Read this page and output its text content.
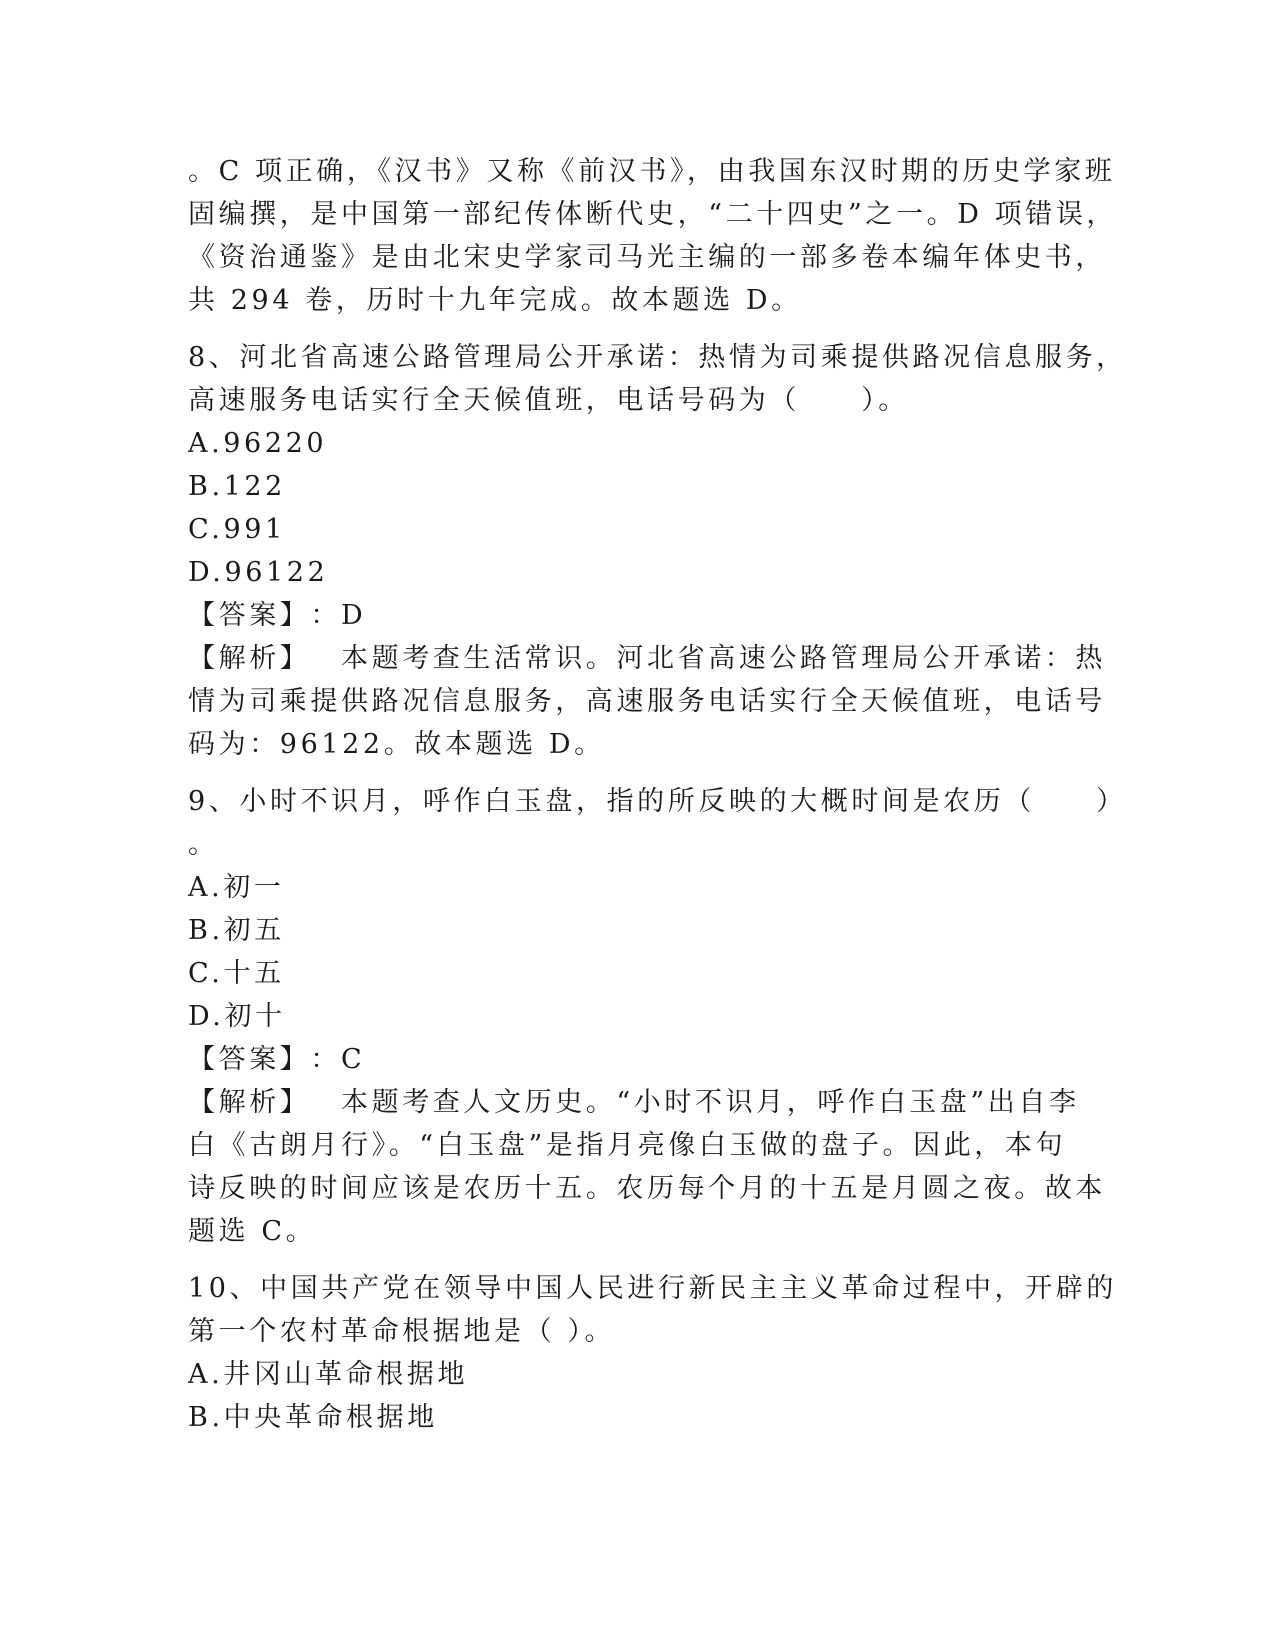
。C 项正确，《汉书》又称《前汉书》，由我国东汉时期的历史学家班
固编撰，是中国第一部纪传体断代史，“二十四史”之一。D 项错误，
《资治通鉴》是由北宋史学家司马光主编的一部多卷本编年体史书，
共 294 卷，历时十九年完成。故本题选 D。
8、河北省高速公路管理局公开承诺：热情为司乘提供路况信息服务，
高速服务电话实行全天候值班，电话号码为（　　）。
A.96220
B.122
C.991
D.96122
【答案】：D
【解析】　本题考查生活常识。河北省高速公路管理局公开承诺：热
情为司乘提供路况信息服务，高速服务电话实行全天候值班，电话号
码为：96122。故本题选 D。
9、小时不识月，呼作白玉盘，指的所反映的大概时间是农历（　　）
。
A.初一
B.初五
C.十五
D.初十
【答案】：C
【解析】　本题考查人文历史。“小时不识月，呼作白玉盘”出自李
白《古朗月行》。“白玉盘”是指月亮像白玉做的盘子。因此，本句
诗反映的时间应该是农历十五。农历每个月的十五是月圆之夜。故本
题选 C。
10、中国共产党在领导中国人民进行新民主主义革命过程中，开辟的
第一个农村革命根据地是（ ）。
A.井冈山革命根据地
B.中央革命根据地
